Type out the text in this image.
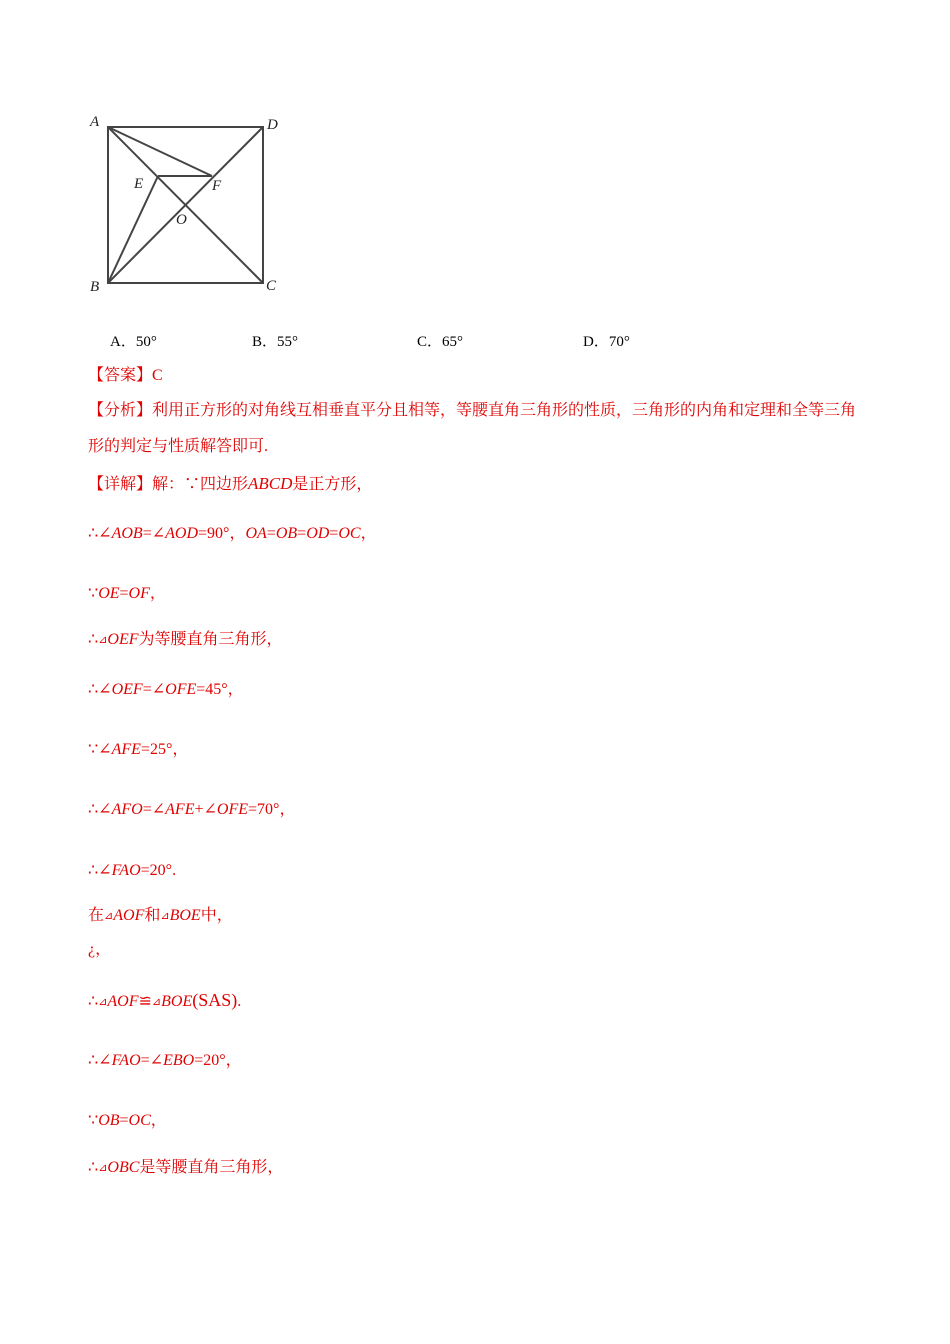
A	D
E	F
O
B	C
A．50°	B．55°	C．65°	D．70°
【答案】C
【分析】利用正方形的对角线互相垂直平分且相等，等腰直角三角形的性质，三角形的内角和定理和全等三角形的判定与性质解答即可.
【详解】解：∵四边形ABCD是正方形，
∴∠AOB=∠AOD=90°，OA=OB=OD=OC，
∵OE=OF，
∴⊿OEF为等腰直角三角形，
∴∠OEF=∠OFE=45°，
∵∠AFE=25°，
∴∠AFO=∠AFE+∠OFE=70°，
∴∠FAO=20°.
在⊿AOF和⊿BOE中，
¿，
∴⊿AOF≌⊿BOE(SAS).
∴∠FAO=∠EBO=20°，
∵OB=OC，
∴⊿OBC是等腰直角三角形，
